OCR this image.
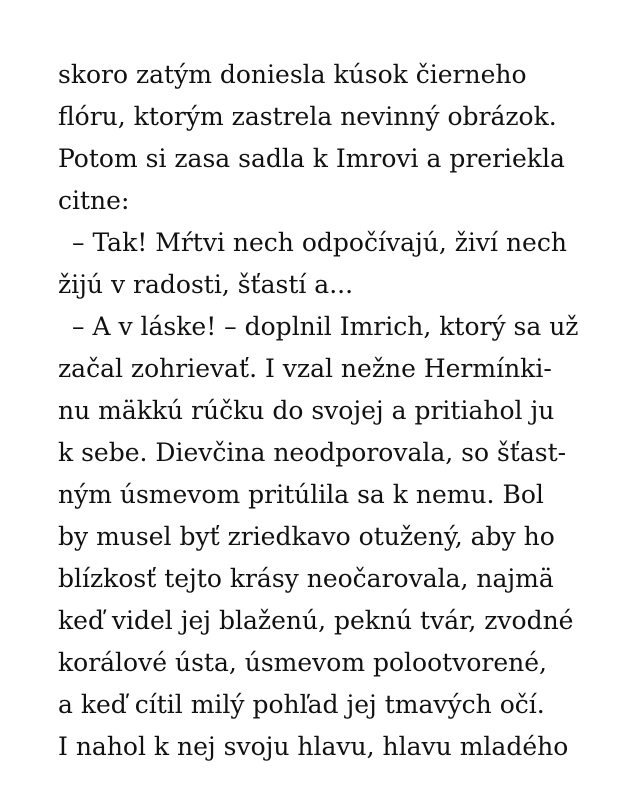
skoro zatým doniesla kúsok čierneho
flóru, ktorým zastrela nevinný obrázok.
Potom si zasa sadla k Imrovi a preriekla
citne:
– Tak! Mŕtvi nech odpočívajú, živí nech
žijú v radosti, šťastí a...
– A v láske! – doplnil Imrich, ktorý sa už
začal zohrievať. I vzal nežne Hermínki-
nu mäkkú rúčku do svojej a pritiahol ju
k sebe. Dievčina neodporovala, so šťast-
ným úsmevom pritúlila sa k nemu. Bol
by musel byť zriedkavo otužený, aby ho
blízkosť tejto krásy neočarovala, najmä
keď videl jej blaženú, peknú tvár, zvodné
korálové ústa, úsmevom polootvorené,
a keď cítil milý pohľad jej tmavých očí.
I nahol k nej svoju hlavu, hlavu mladého
